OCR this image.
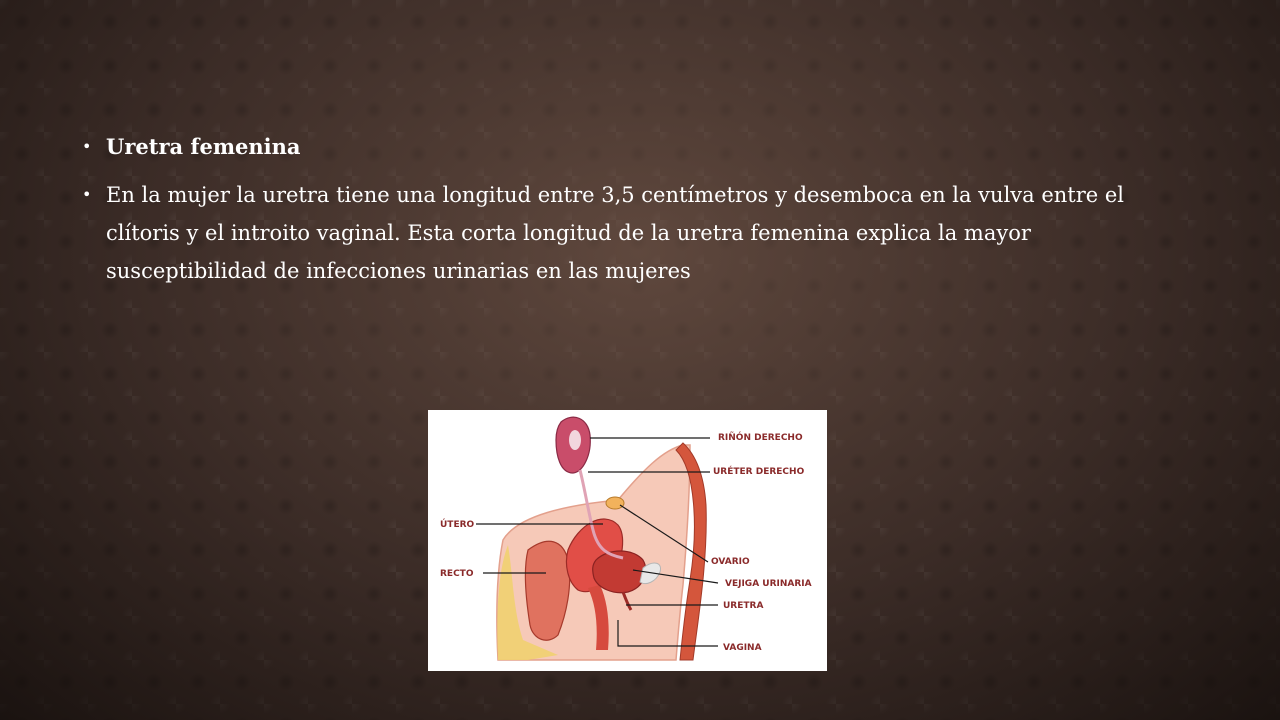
• Uretra femenina
• En la mujer la uretra tiene una longitud entre 3,5 centímetros y desemboca en la vulva entre el clítoris y el introito vaginal. Esta corta longitud de la uretra femenina explica la mayor susceptibilidad de infecciones urinarias en las mujeres
RIÑÓN DERECHO
URÉTER DERECHO
ÚTERO
OVARIO
RECTO
VEJIGA URINARIA
URETRA
VAGINA
